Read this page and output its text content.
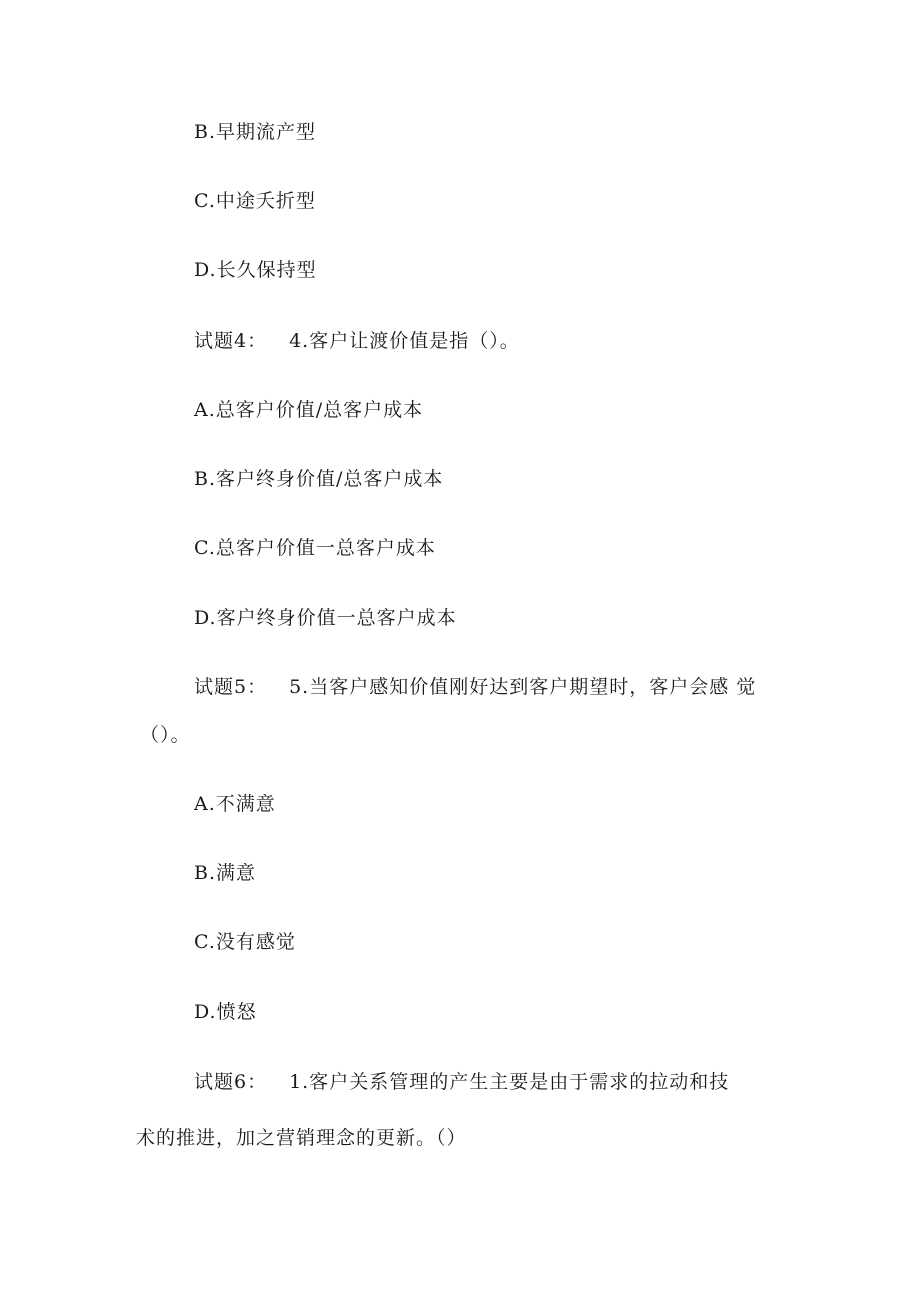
B.早期流产型
C.中途夭折型
D.长久保持型
试题4： 4.客户让渡价值是指（）。
A.总客户价值/总客户成本
B.客户终身价值/总客户成本
C.总客户价值一总客户成本
D.客户终身价值一总客户成本
试题5： 5.当客户感知价值刚好达到客户期望时，客户会感 觉
（）。
A.不满意
B.满意
C.没有感觉
D.愤怒
试题6： 1.客户关系管理的产生主要是由于需求的拉动和技
术的推进，加之营销理念的更新。（）
